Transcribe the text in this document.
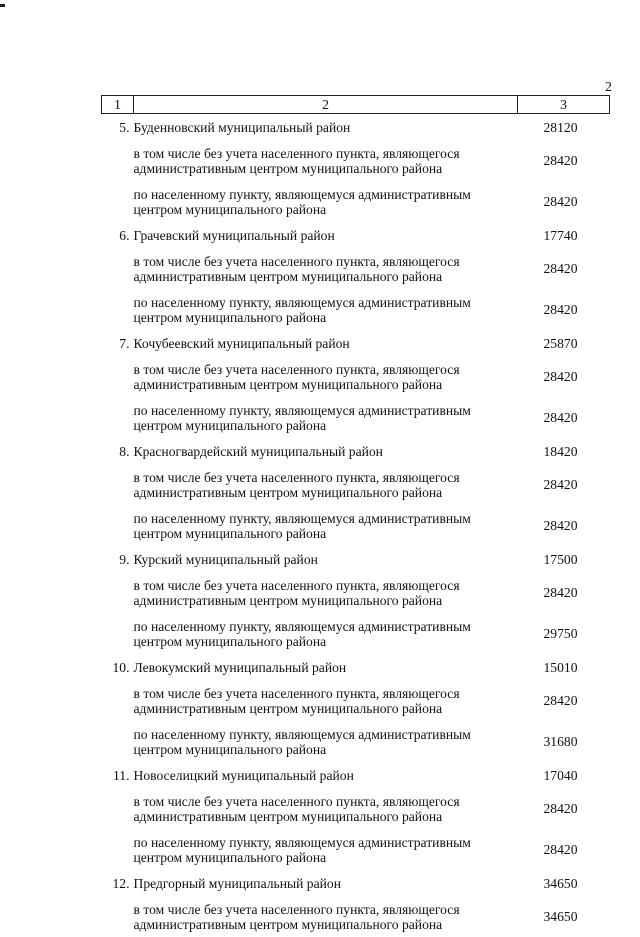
2
1	2	3
5.	Буденновский муниципальный район	28120
	в том числе без учета населенного пункта, являющегося административным центром муниципального района	28420
	по населенному пункту, являющемуся административным центром муниципального района	28420
6.	Грачевский муниципальный район	17740
	в том числе без учета населенного пункта, являющегося административным центром муниципального района	28420
	по населенному пункту, являющемуся административным центром муниципального района	28420
7.	Кочубеевский муниципальный район	25870
	в том числе без учета населенного пункта, являющегося административным центром муниципального района	28420
	по населенному пункту, являющемуся административным центром муниципального района	28420
8.	Красногвардейский муниципальный район	18420
	в том числе без учета населенного пункта, являющегося административным центром муниципального района	28420
	по населенному пункту, являющемуся административным центром муниципального района	28420
9.	Курский муниципальный район	17500
	в том числе без учета населенного пункта, являющегося административным центром муниципального района	28420
	по населенному пункту, являющемуся административным центром муниципального района	29750
10.	Левокумский муниципальный район	15010
	в том числе без учета населенного пункта, являющегося административным центром муниципального района	28420
	по населенному пункту, являющемуся административным центром муниципального района	31680
11.	Новоселицкий муниципальный район	17040
	в том числе без учета населенного пункта, являющегося административным центром муниципального района	28420
	по населенному пункту, являющемуся административным центром муниципального района	28420
12.	Предгорный муниципальный район	34650
	в том числе без учета населенного пункта, являющегося административным центром муниципального района	34650
